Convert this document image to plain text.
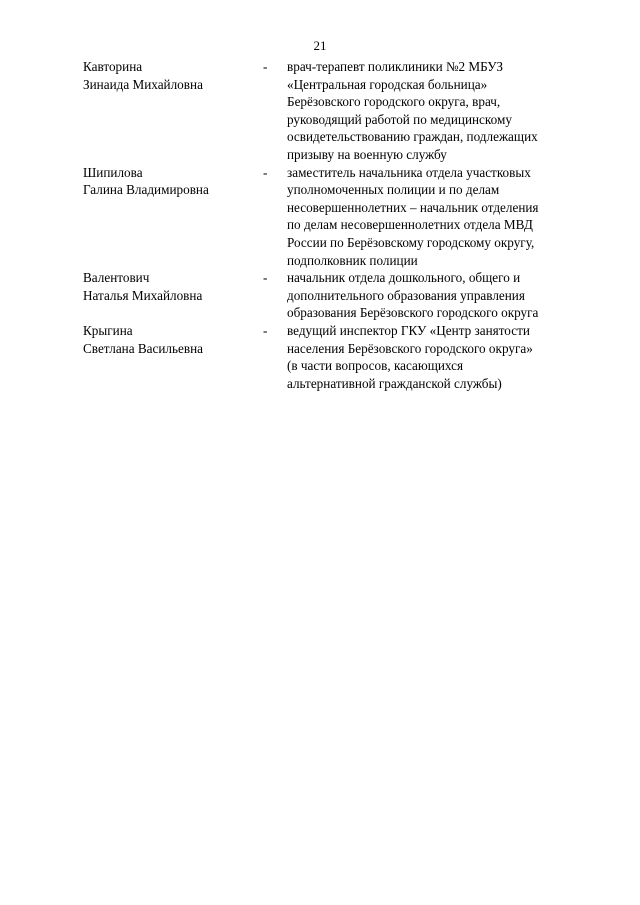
21
Кавторина
Зинаида Михайловна
-	врач-терапевт поликлиники №2 МБУЗ
«Центральная городская больница»
Берёзовского городского округа, врач,
руководящий работой по медицинскому
освидетельствованию граждан, подлежащих
призыву на военную службу
Шипилова
Галина Владимировна
-	заместитель начальника отдела участковых
уполномоченных полиции и по делам
несовершеннолетних – начальник отделения
по делам несовершеннолетних отдела МВД
России по Берёзовскому городскому округу,
подполковник полиции
Валентович
Наталья Михайловна
-	начальник отдела дошкольного, общего и
дополнительного образования управления
образования Берёзовского городского округа
Крыгина
Светлана Васильевна
-	ведущий инспектор ГКУ «Центр занятости
населения Берёзовского городского округа»
(в части вопросов, касающихся
альтернативной гражданской службы)
